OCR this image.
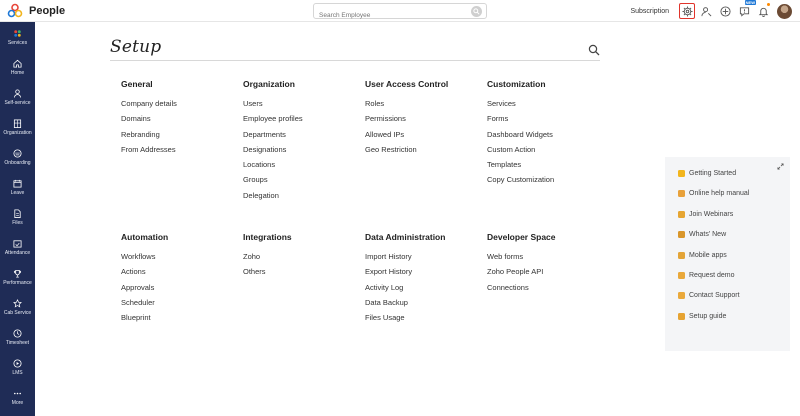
People
Search Employee	Subscription
NEW
Services
Home
Self-service
Organization
Onboarding
Leave
Files
Attendance
Performance
Cab Service
Timesheet
LMS
More
Setup
General
Company details
Domains
Rebranding
From Addresses
Organization
Users
Employee profiles
Departments
Designations
Locations
Groups
Delegation
User Access Control
Roles
Permissions
Allowed IPs
Geo Restriction
Customization
Services
Forms
Dashboard Widgets
Custom Action
Templates
Copy Customization
Automation
Workflows
Actions
Approvals
Scheduler
Blueprint
Integrations
Zoho
Others
Data Administration
Import History
Export History
Activity Log
Data Backup
Files Usage
Developer Space
Web forms
Zoho People API
Connections
Getting Started
Online help manual
Join Webinars
Whats' New
Mobile apps
Request demo
Contact Support
Setup guide
